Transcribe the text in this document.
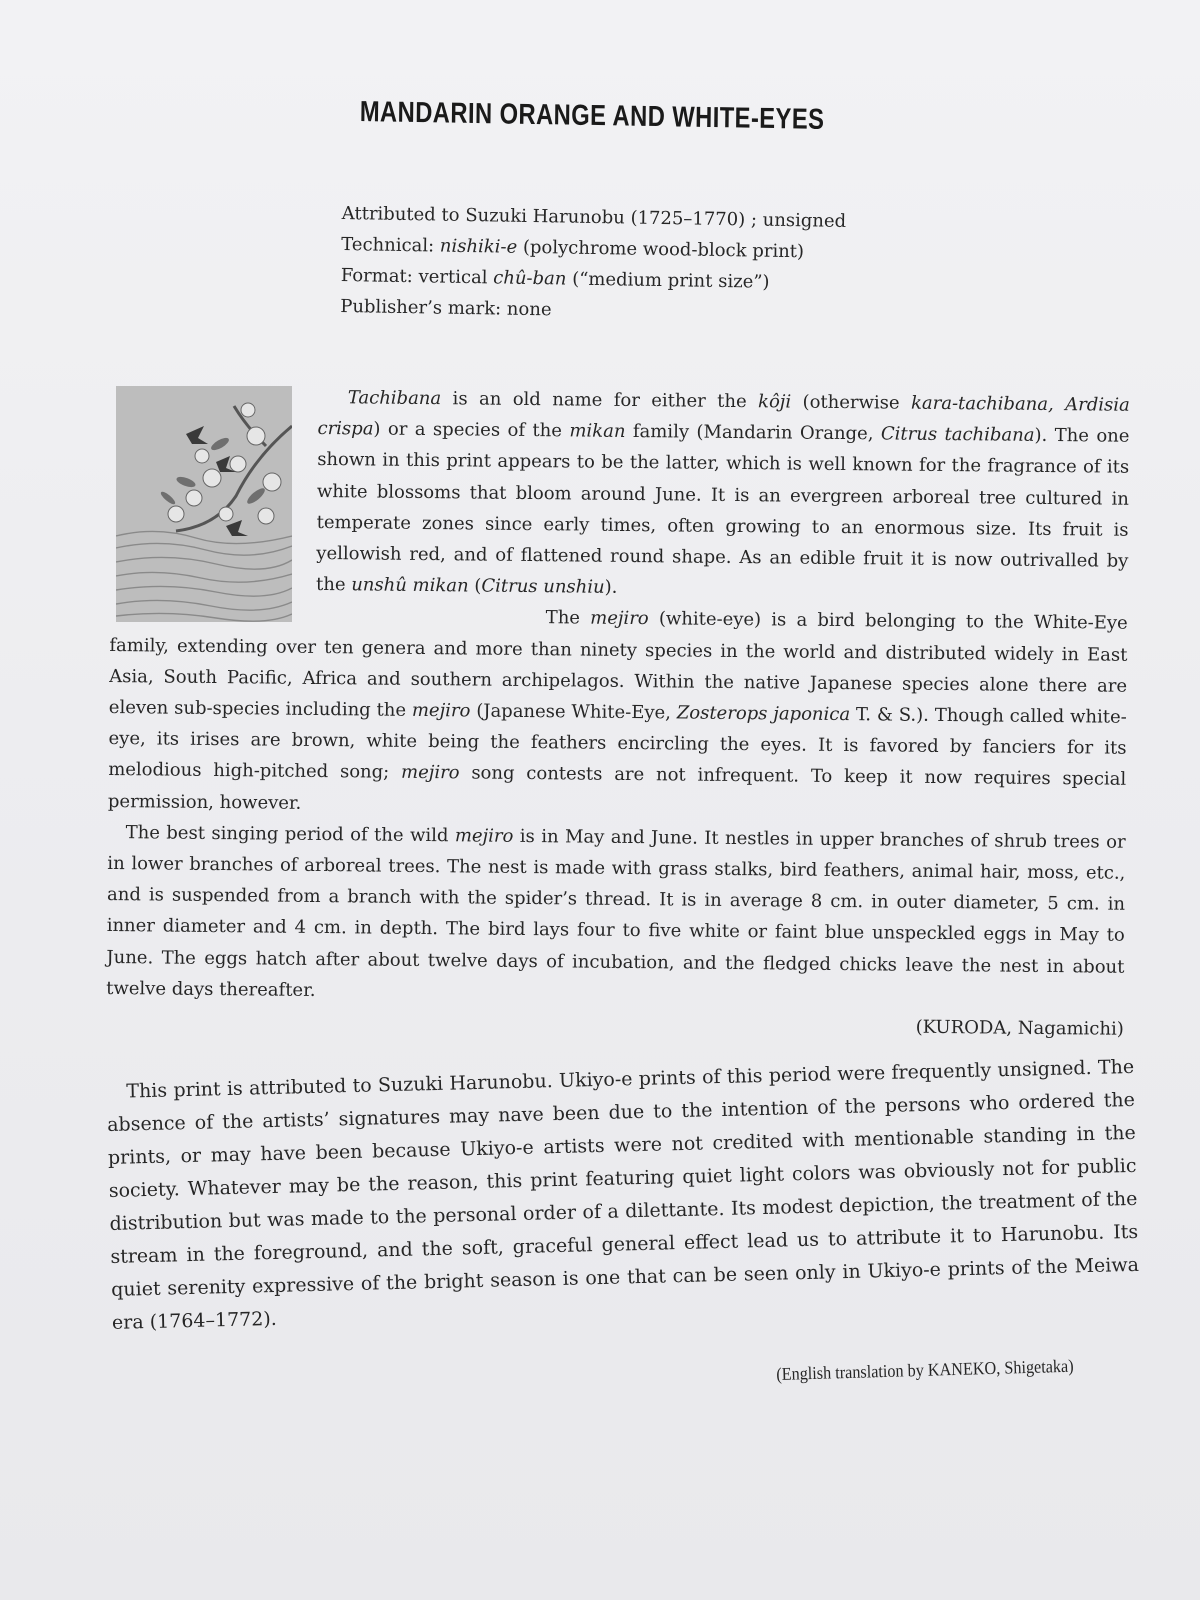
MANDARIN ORANGE AND WHITE-EYES
Attributed to Suzuki Harunobu (1725–1770) ; unsigned
Technical: nishiki-e (polychrome wood-block print)
Format: vertical chû-ban (“medium print size”)
Publisher’s mark: none

Tachibana is an old name for either the kôji (otherwise kara-tachibana, Ardisia crispa) or a species of the mikan family (Mandarin Orange, Citrus tachibana). The one shown in this print appears to be the latter, which is well known for the fragrance of its white blossoms that bloom around June. It is an evergreen arboreal tree cultured in temperate zones since early times, often growing to an enormous size. Its fruit is yellowish red, and of flattened round shape. As an edible fruit it is now outrivalled by the unshû mikan (Citrus unshiu).

The mejiro (white-eye) is a bird belonging to the White-Eye family, extending over ten genera and more than ninety species in the world and distributed widely in East Asia, South Pacific, Africa and southern archipelagos. Within the native Japanese species alone there are eleven sub-species including the mejiro (Japanese White-Eye, Zosterops japonica T. & S.). Though called white-eye, its irises are brown, white being the feathers encircling the eyes. It is favored by fanciers for its melodious high-pitched song; mejiro song contests are not infrequent. To keep it now requires special permission, however.

The best singing period of the wild mejiro is in May and June. It nestles in upper branches of shrub trees or in lower branches of arboreal trees. The nest is made with grass stalks, bird feathers, animal hair, moss, etc., and is suspended from a branch with the spider’s thread. It is in average 8 cm. in outer diameter, 5 cm. in inner diameter and 4 cm. in depth. The bird lays four to five white or faint blue unspeckled eggs in May to June. The eggs hatch after about twelve days of incubation, and the fledged chicks leave the nest in about twelve days thereafter.

(KURODA, Nagamichi)

This print is attributed to Suzuki Harunobu. Ukiyo-e prints of this period were frequently unsigned. The absence of the artists’ signatures may nave been due to the intention of the persons who ordered the prints, or may have been because Ukiyo-e artists were not credited with mentionable standing in the society. Whatever may be the reason, this print featuring quiet light colors was obviously not for public distribution but was made to the personal order of a dilettante. Its modest depiction, the treatment of the stream in the foreground, and the soft, graceful general effect lead us to attribute it to Harunobu. Its quiet serenity expressive of the bright season is one that can be seen only in Ukiyo-e prints of the Meiwa era (1764–1772).

(English translation by KANEKO, Shigetaka)
